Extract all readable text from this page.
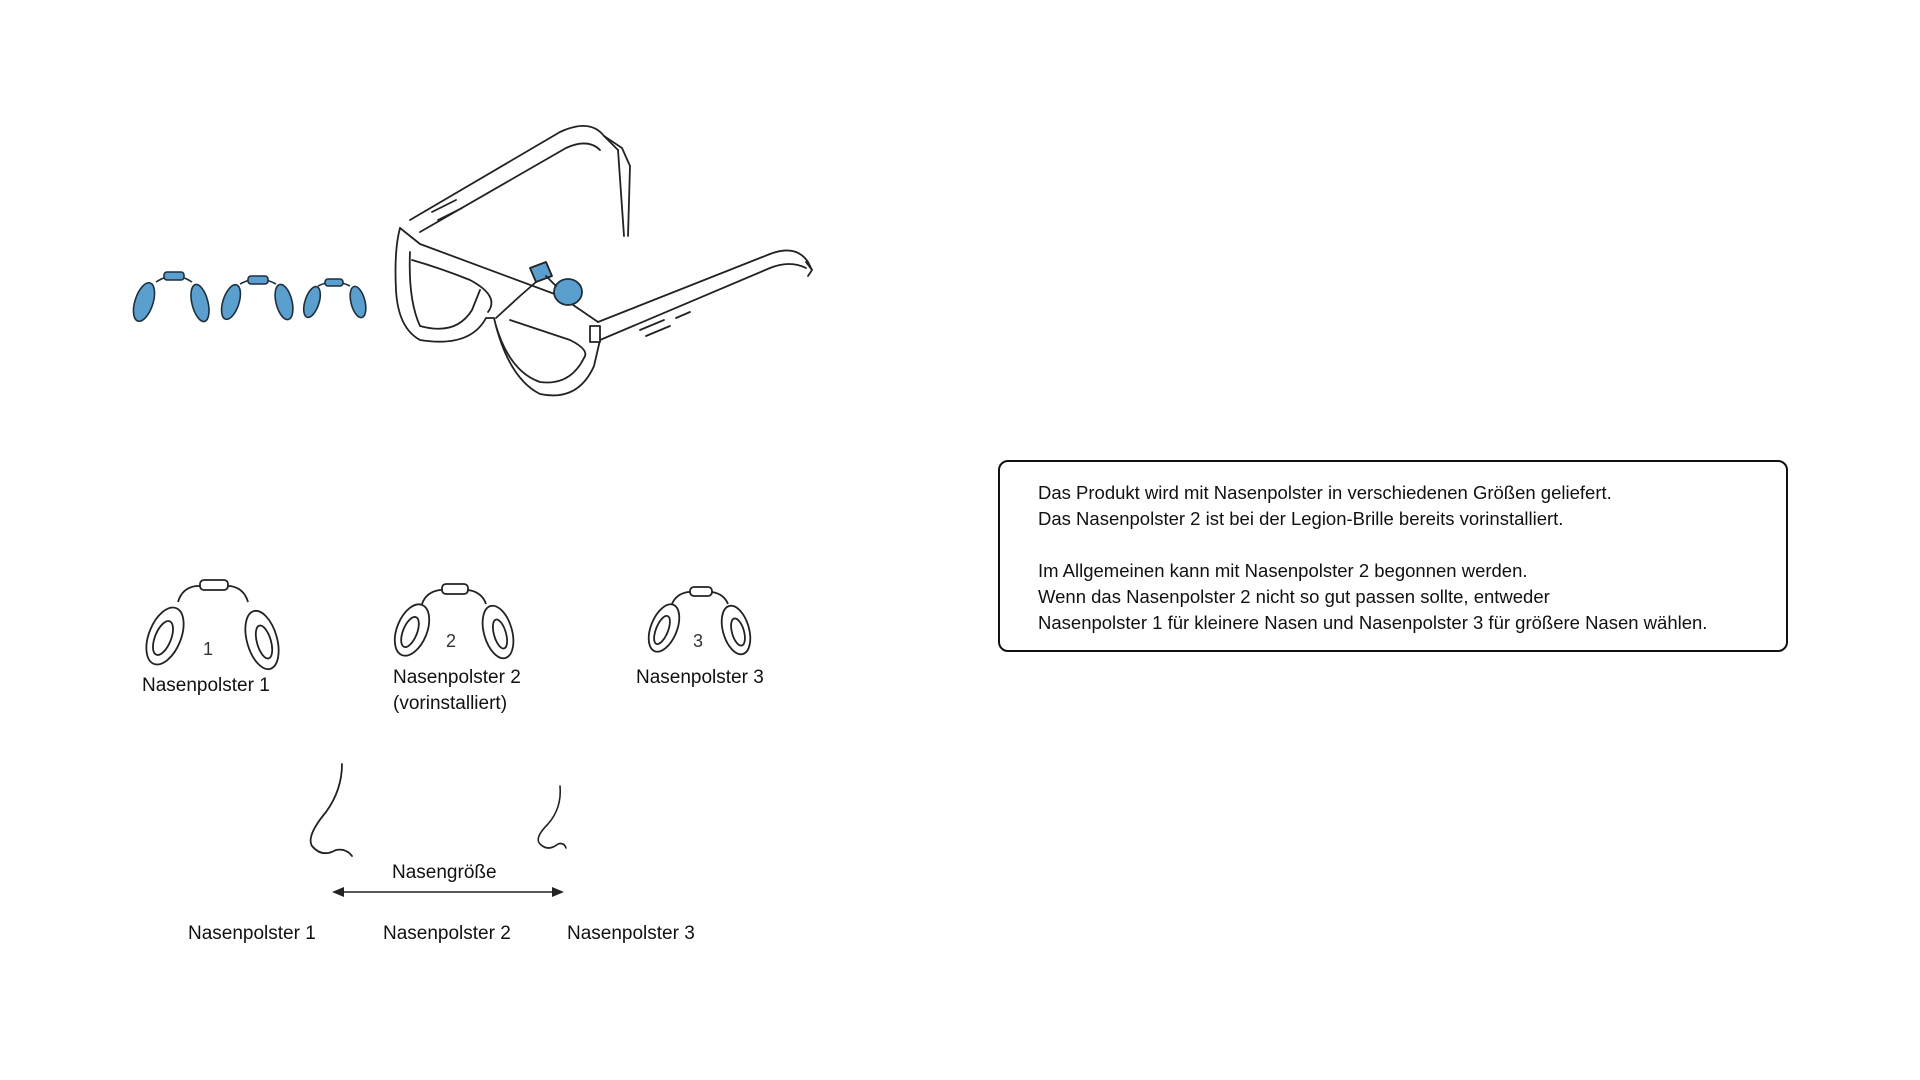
1	2	3
Nasenpolster 1	Nasenpolster 2
(vorinstalliert)
Nasenpolster 3
Nasengröße
Nasenpolster 1	Nasenpolster 2	Nasenpolster 3

Das Produkt wird mit Nasenpolster in verschiedenen Größen geliefert.

Das Nasenpolster 2 ist bei der Legion-Brille bereits vorinstalliert.

Im Allgemeinen kann mit Nasenpolster 2 begonnen werden.

Wenn das Nasenpolster 2 nicht so gut passen sollte, entweder

Nasenpolster 1 für kleinere Nasen und Nasenpolster 3 für größere Nasen wählen.
